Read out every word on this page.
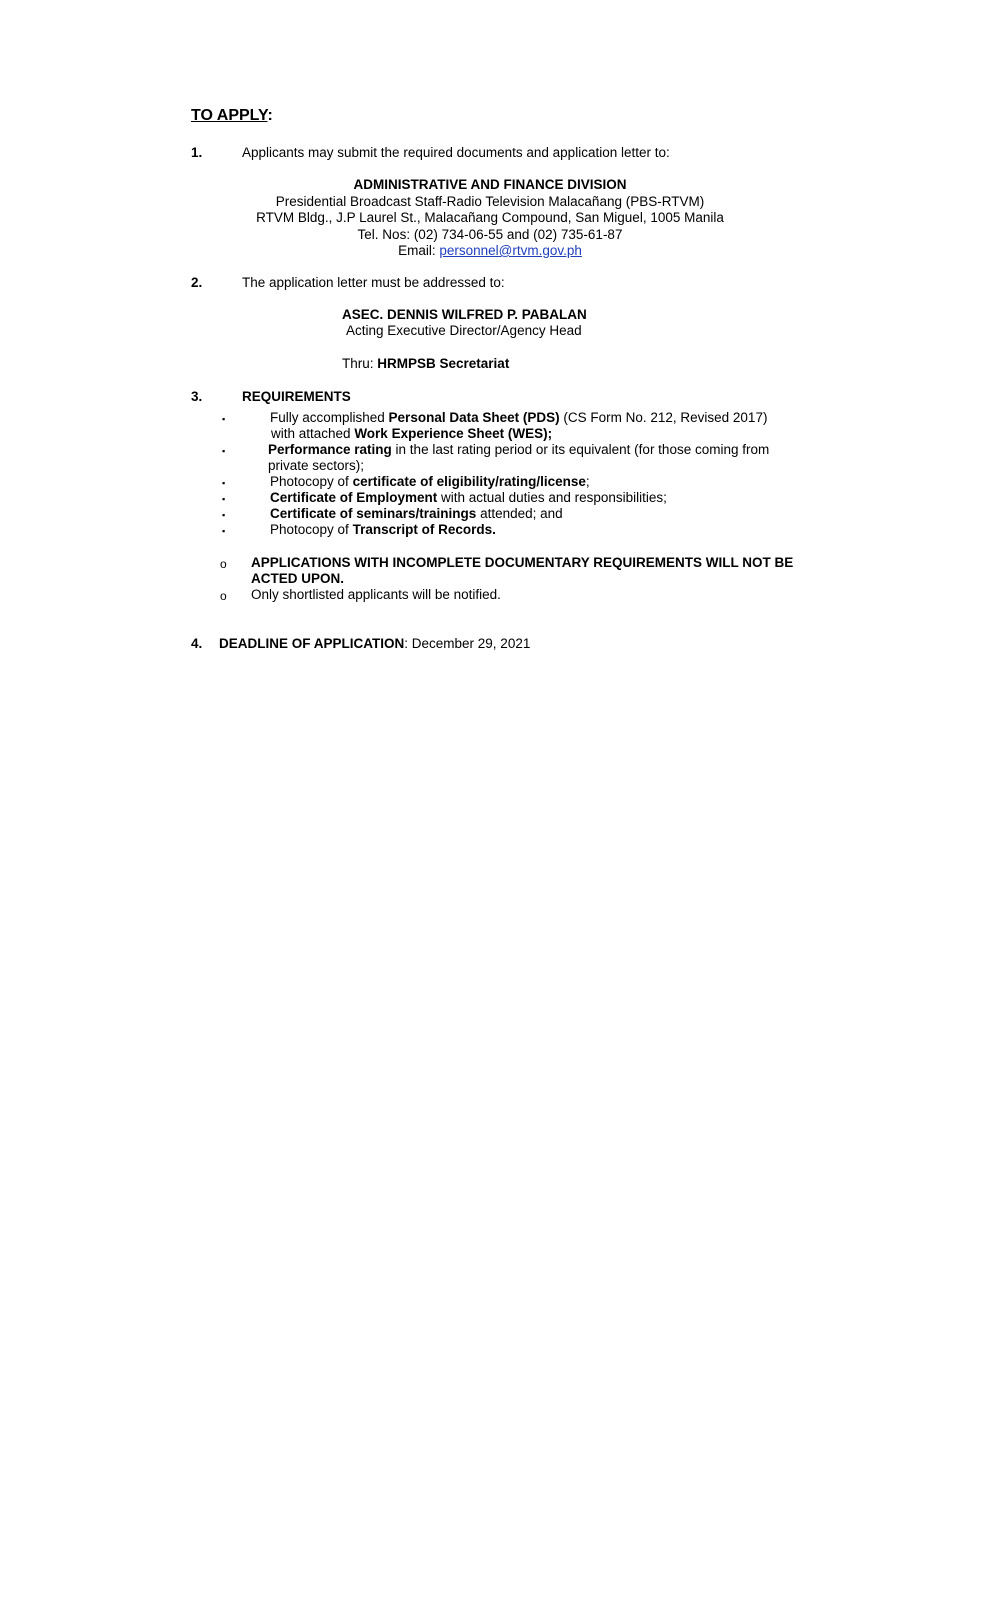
TO APPLY:
1.	Applicants may submit the required documents and application letter to:
ADMINISTRATIVE AND FINANCE DIVISION
Presidential Broadcast Staff-Radio Television Malacañang (PBS-RTVM)
RTVM Bldg., J.P Laurel St., Malacañang Compound, San Miguel, 1005 Manila
Tel. Nos: (02) 734-06-55 and (02) 735-61-87
Email: personnel@rtvm.gov.ph
2.	The application letter must be addressed to:
ASEC. DENNIS WILFRED P. PABALAN
Acting Executive Director/Agency Head
Thru: HRMPSB Secretariat
3.	REQUIREMENTS
▪	Fully accomplished Personal Data Sheet (PDS) (CS Form No. 212, Revised 2017)
with attached Work Experience Sheet (WES);
▪	Performance rating in the last rating period or its equivalent (for those coming from
private sectors);
▪	Photocopy of certificate of eligibility/rating/license;
▪	Certificate of Employment with actual duties and responsibilities;
▪	Certificate of seminars/trainings attended; and
▪	Photocopy of Transcript of Records.
o APPLICATIONS WITH INCOMPLETE DOCUMENTARY REQUIREMENTS WILL NOT BE
ACTED UPON.
o Only shortlisted applicants will be notified.
4. DEADLINE OF APPLICATION: December 29, 2021
